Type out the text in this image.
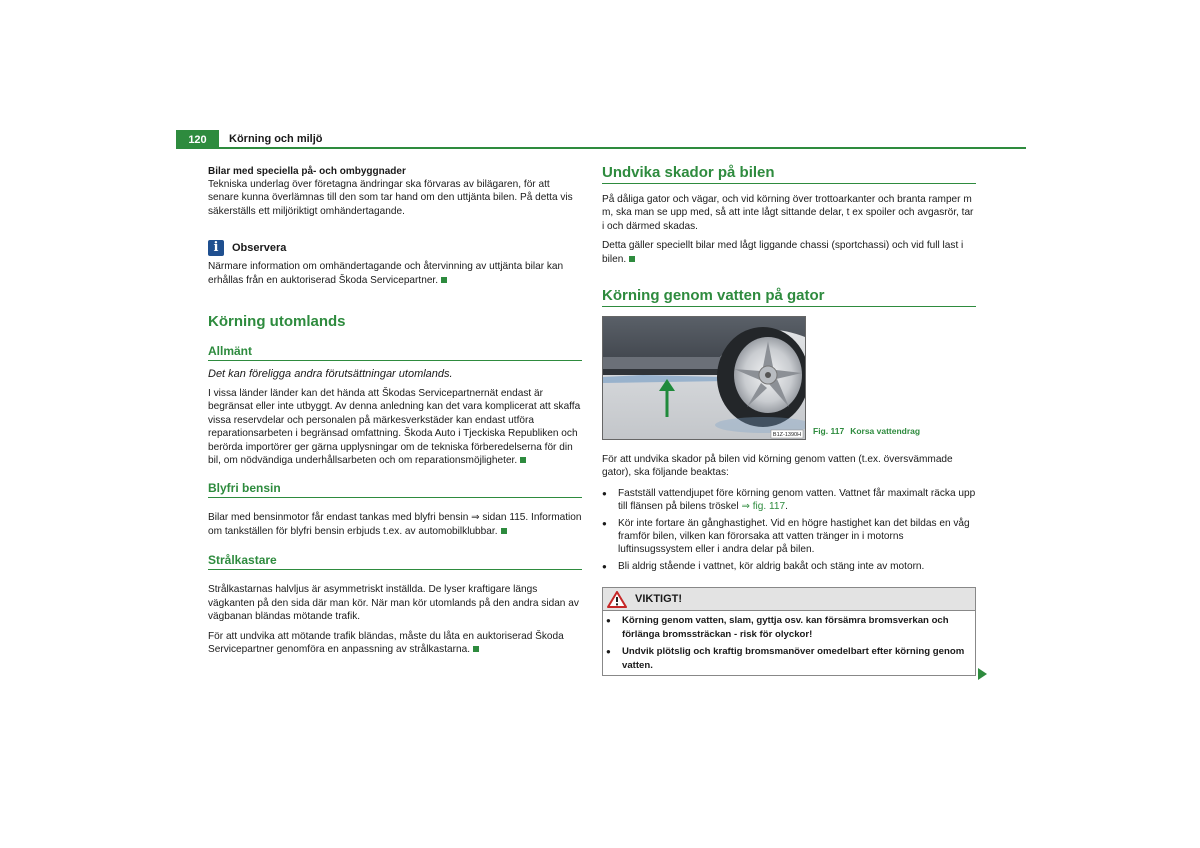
120	Körning och miljö
Bilar med speciella på- och ombyggnader

Tekniska underlag över företagna ändringar ska förvaras av bilägaren, för att senare kunna överlämnas till den som tar hand om den uttjänta bilen. På detta vis säkerställs ett miljöriktigt omhändertagande.

i	Observera

Närmare information om omhändertagande och återvinning av uttjänta bilar kan erhållas från en auktoriserad Škoda Servicepartner.

Körning utomlands
Allmänt

Det kan föreligga andra förutsättningar utomlands.

I vissa länder länder kan det hända att Škodas Servicepartnernät endast är begränsat eller inte utbyggt. Av denna anledning kan det vara komplicerat att skaffa vissa reservdelar och personalen på märkesverkstäder kan endast utföra reparationsarbeten i begränsad omfattning. Škoda Auto i Tjeckiska Republiken och berörda importörer ger gärna upplysningar om de tekniska förberedelserna för din bil, om nödvändiga underhållsarbeten och om reparationsmöjligheter.

Blyfri bensin

Bilar med bensinmotor får endast tankas med blyfri bensin ⇒ sidan 115. Information om tankställen för blyfri bensin erbjuds t.ex. av automobilklubbar.

Strålkastare

Strålkastarnas halvljus är asymmetriskt inställda. De lyser kraftigare längs vägkanten på den sida där man kör. När man kör utomlands på den andra sidan av vägbanan bländas mötande trafik.

För att undvika att mötande trafik bländas, måste du låta en auktoriserad Škoda Servicepartner genomföra en anpassning av strålkastarna.

Undvika skador på bilen

På dåliga gator och vägar, och vid körning över trottoarkanter och branta ramper m m, ska man se upp med, så att inte lågt sittande delar, t ex spoiler och avgasrör, tar i och därmed skadas.

Detta gäller speciellt bilar med lågt liggande chassi (sportchassi) och vid full last i bilen.

Körning genom vatten på gator
B1Z-1390H Fig. 117 Korsa vattendrag

För att undvika skador på bilen vid körning genom vatten (t.ex. översvämmade gator), ska följande beaktas:

● Fastställ vattendjupet före körning genom vatten. Vattnet får maximalt räcka upp till flänsen på bilens tröskel ⇒ fig. 117.

● Kör inte fortare än gånghastighet. Vid en högre hastighet kan det bildas en våg framför bilen, vilken kan förorsaka att vatten tränger in i motorns luftinsugssystem eller i andra delar på bilen.

● Bli aldrig stående i vattnet, kör aldrig bakåt och stäng inte av motorn.

VIKTIGT!

● Körning genom vatten, slam, gyttja osv. kan försämra bromsverkan och förlänga bromssträckan - risk för olyckor!

● Undvik plötslig och kraftig bromsmanöver omedelbart efter körning genom vatten.
